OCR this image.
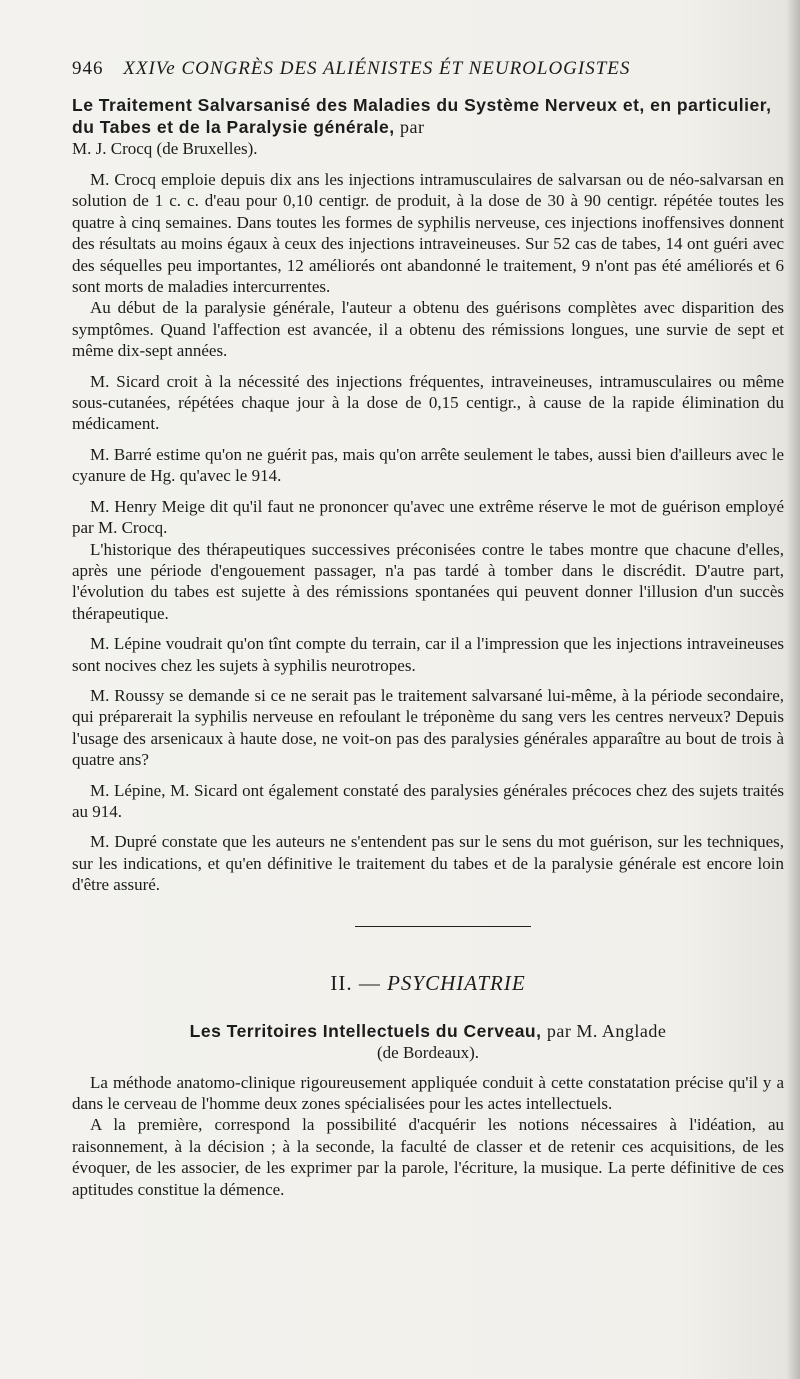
946 XXIVe CONGRÈS DES ALIÉNISTES ÉT NEUROLOGISTES
Le Traitement Salvarsanisé des Maladies du Système Nerveux et, en particulier, du Tabes et de la Paralysie générale, par
M. J. Crocq (de Bruxelles).

M. Crocq emploie depuis dix ans les injections intramusculaires de salvarsan ou de néo-salvarsan en solution de 1 c. c. d'eau pour 0,10 centigr. de produit, à la dose de 30 à 90 centigr. répétée toutes les quatre à cinq semaines. Dans toutes les formes de syphilis nerveuse, ces injections inoffensives donnent des résultats au moins égaux à ceux des injections intraveineuses. Sur 52 cas de tabes, 14 ont guéri avec des séquelles peu importantes, 12 améliorés ont abandonné le traitement, 9 n'ont pas été améliorés et 6 sont morts de maladies intercurrentes.

Au début de la paralysie générale, l'auteur a obtenu des guérisons complètes avec disparition des symptômes. Quand l'affection est avancée, il a obtenu des rémissions longues, une survie de sept et même dix-sept années.

M. Sicard croit à la nécessité des injections fréquentes, intraveineuses, intramusculaires ou même sous-cutanées, répétées chaque jour à la dose de 0,15 centigr., à cause de la rapide élimination du médicament.

M. Barré estime qu'on ne guérit pas, mais qu'on arrête seulement le tabes, aussi bien d'ailleurs avec le cyanure de Hg. qu'avec le 914.

M. Henry Meige dit qu'il faut ne prononcer qu'avec une extrême réserve le mot de guérison employé par M. Crocq.

L'historique des thérapeutiques successives préconisées contre le tabes montre que chacune d'elles, après une période d'engouement passager, n'a pas tardé à tomber dans le discrédit. D'autre part, l'évolution du tabes est sujette à des rémissions spontanées qui peuvent donner l'illusion d'un succès thérapeutique.

M. Lépine voudrait qu'on tînt compte du terrain, car il a l'impression que les injections intraveineuses sont nocives chez les sujets à syphilis neurotropes.

M. Roussy se demande si ce ne serait pas le traitement salvarsané lui-même, à la période secondaire, qui préparerait la syphilis nerveuse en refoulant le tréponème du sang vers les centres nerveux? Depuis l'usage des arsenicaux à haute dose, ne voit-on pas des paralysies générales apparaître au bout de trois à quatre ans?

M. Lépine, M. Sicard ont également constaté des paralysies générales précoces chez des sujets traités au 914.

M. Dupré constate que les auteurs ne s'entendent pas sur le sens du mot guérison, sur les techniques, sur les indications, et qu'en définitive le traitement du tabes et de la paralysie générale est encore loin d'être assuré.

II. — PSYCHIATRIE
Les Territoires Intellectuels du Cerveau, par M. Anglade
(de Bordeaux).

La méthode anatomo-clinique rigoureusement appliquée conduit à cette constatation précise qu'il y a dans le cerveau de l'homme deux zones spécialisées pour les actes intellectuels.

A la première, correspond la possibilité d'acquérir les notions nécessaires à l'idéation, au raisonnement, à la décision ; à la seconde, la faculté de classer et de retenir ces acquisitions, de les évoquer, de les associer, de les exprimer par la parole, l'écriture, la musique. La perte définitive de ces aptitudes constitue la démence.
